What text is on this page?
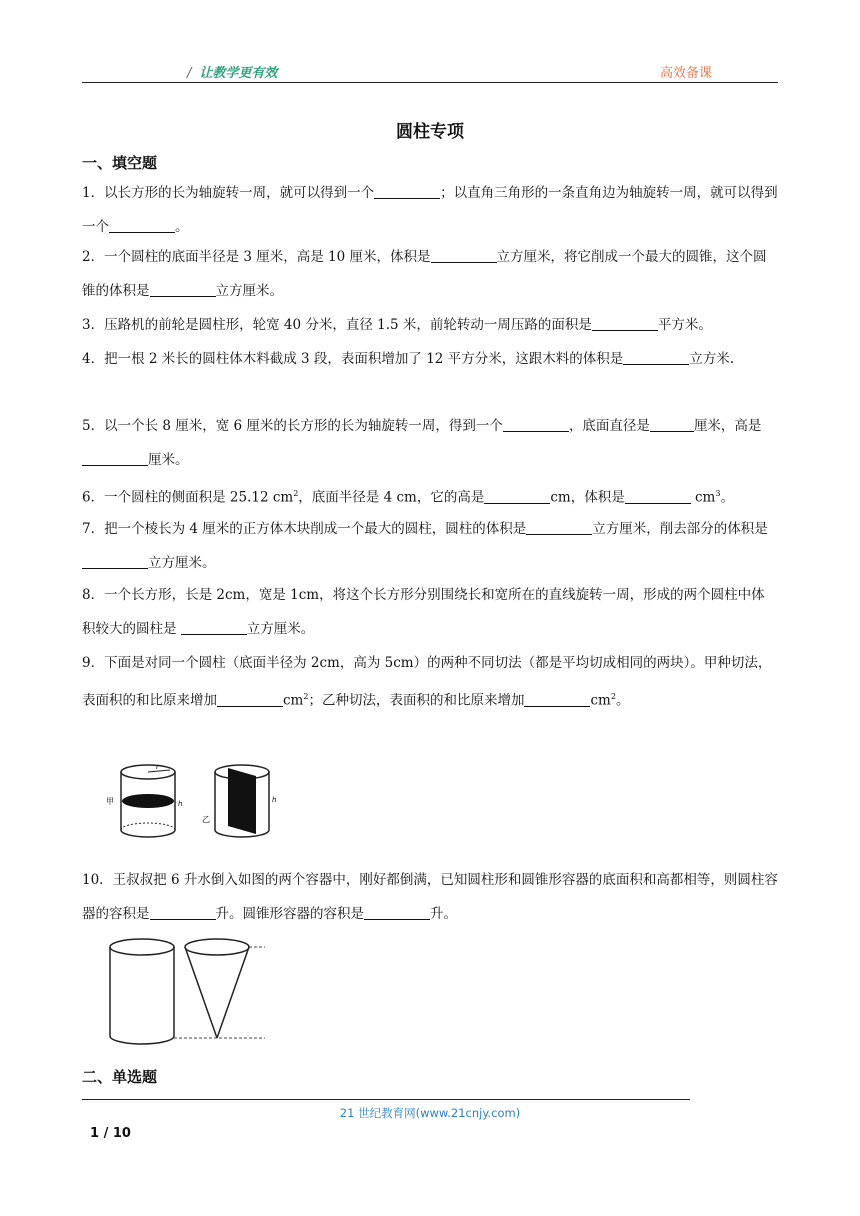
/ 让教学更有效	高效备课
圆柱专项
一、填空题
1．以长方形的长为轴旋转一周，就可以得到一个	；以直角三角形的一条直角边为轴旋转一周，就可以得到一个	。
2．一个圆柱的底面半径是 3 厘米，高是 10 厘米，体积是	立方厘米，将它削成一个最大的圆锥，这个圆锥的体积是	立方厘米。
3．压路机的前轮是圆柱形，轮宽 40 分米，直径 1.5 米，前轮转动一周压路的面积是	平方米。
4．把一根 2 米长的圆柱体木料截成 3 段，表面积增加了 12 平方分米，这跟木料的体积是	立方米.
5．以一个长 8 厘米，宽 6 厘米的长方形的长为轴旋转一周，得到一个	，底面直径是	厘米，高是厘米。
6．一个圆柱的侧面积是 25.12 $cm^2$，底面半径是 4 cm，它的高是	cm，体积是	$cm^3$。
7．把一个棱长为 4 厘米的正方体木块削成一个最大的圆柱，圆柱的体积是	立方厘米，削去部分的体积是立方厘米。
8．一个长方形，长是 2cm，宽是 1cm，将这个长方形分别围绕长和宽所在的直线旋转一周，形成的两个圆柱中体积较大的圆柱是	立方厘米。
9．下面是对同一个圆柱（底面半径为 2cm，高为 5cm）的两种不同切法（都是平均切成相同的两块）。甲种切法，表面积的和比原来增加	$cm^2$；乙种切法，表面积的和比原来增加	$cm^2$。
甲
r
h
乙
h
10．王叔叔把 6 升水倒入如图的两个容器中，刚好都倒满，已知圆柱形和圆锥形容器的底面积和高都相等，则圆柱容器的容积是	升。圆锥形容器的容积是	升。
二、单选题
21 世纪教育网(www.21cnjy.com)
1 / 10
